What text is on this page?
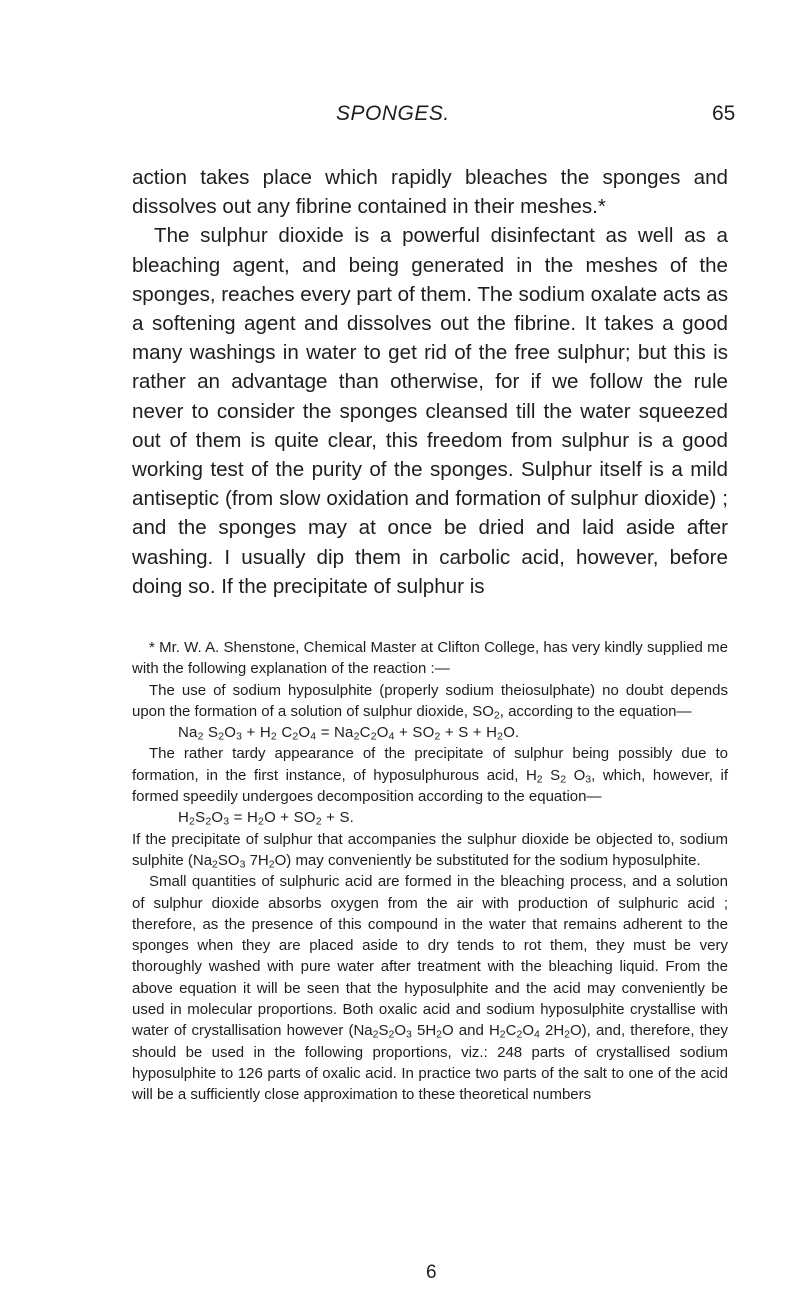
SPONGES.	65

action takes place which rapidly bleaches the sponges and dissolves out any fibrine contained in their meshes.*

The sulphur dioxide is a powerful disinfectant as well as a bleaching agent, and being generated in the meshes of the sponges, reaches every part of them. The sodium oxalate acts as a softening agent and dissolves out the fibrine. It takes a good many washings in water to get rid of the free sulphur; but this is rather an advantage than otherwise, for if we follow the rule never to consider the sponges cleansed till the water squeezed out of them is quite clear, this freedom from sulphur is a good working test of the purity of the sponges. Sulphur itself is a mild antiseptic (from slow oxidation and formation of sulphur dioxide) ; and the sponges may at once be dried and laid aside after washing. I usually dip them in carbolic acid, however, before doing so. If the precipitate of sulphur is

* Mr. W. A. Shenstone, Chemical Master at Clifton College, has very kindly supplied me with the following explanation of the reaction :—

The use of sodium hyposulphite (properly sodium theiosulphate) no doubt depends upon the formation of a solution of sulphur dioxide, $SO_2$, according to the equation—

$Na_2$ $S_2O_3 + H_2$ $C_2O_4 = Na_2C_2O_4 + SO_2 + S + H_2O$.

The rather tardy appearance of the precipitate of sulphur being possibly due to formation, in the first instance, of hyposulphurous acid, $H_2$ $S_2$ $O_3$, which, however, if formed speedily undergoes decomposition according to the equation—

$H_2S_2O_3 = H_2O + SO_2 + S$.

If the precipitate of sulphur that accompanies the sulphur dioxide be objected to, sodium sulphite ($Na_2SO_3$ $7H_2O$) may conveniently be substituted for the sodium hyposulphite.

Small quantities of sulphuric acid are formed in the bleaching process, and a solution of sulphur dioxide absorbs oxygen from the air with production of sulphuric acid ; therefore, as the presence of this compound in the water that remains adherent to the sponges when they are placed aside to dry tends to rot them, they must be very thoroughly washed with pure water after treatment with the bleaching liquid. From the above equation it will be seen that the hyposulphite and the acid may conveniently be used in molecular proportions. Both oxalic acid and sodium hyposulphite crystallise with water of crystallisation however ($Na_2S_2O_3$ $5H_2O$ and $H_2C_2O_4$ $2H_2O$), and, therefore, they should be used in the following proportions, viz.: 248 parts of crystallised sodium hyposulphite to 126 parts of oxalic acid. In practice two parts of the salt to one of the acid will be a sufficiently close approximation to these theoretical numbers

6
